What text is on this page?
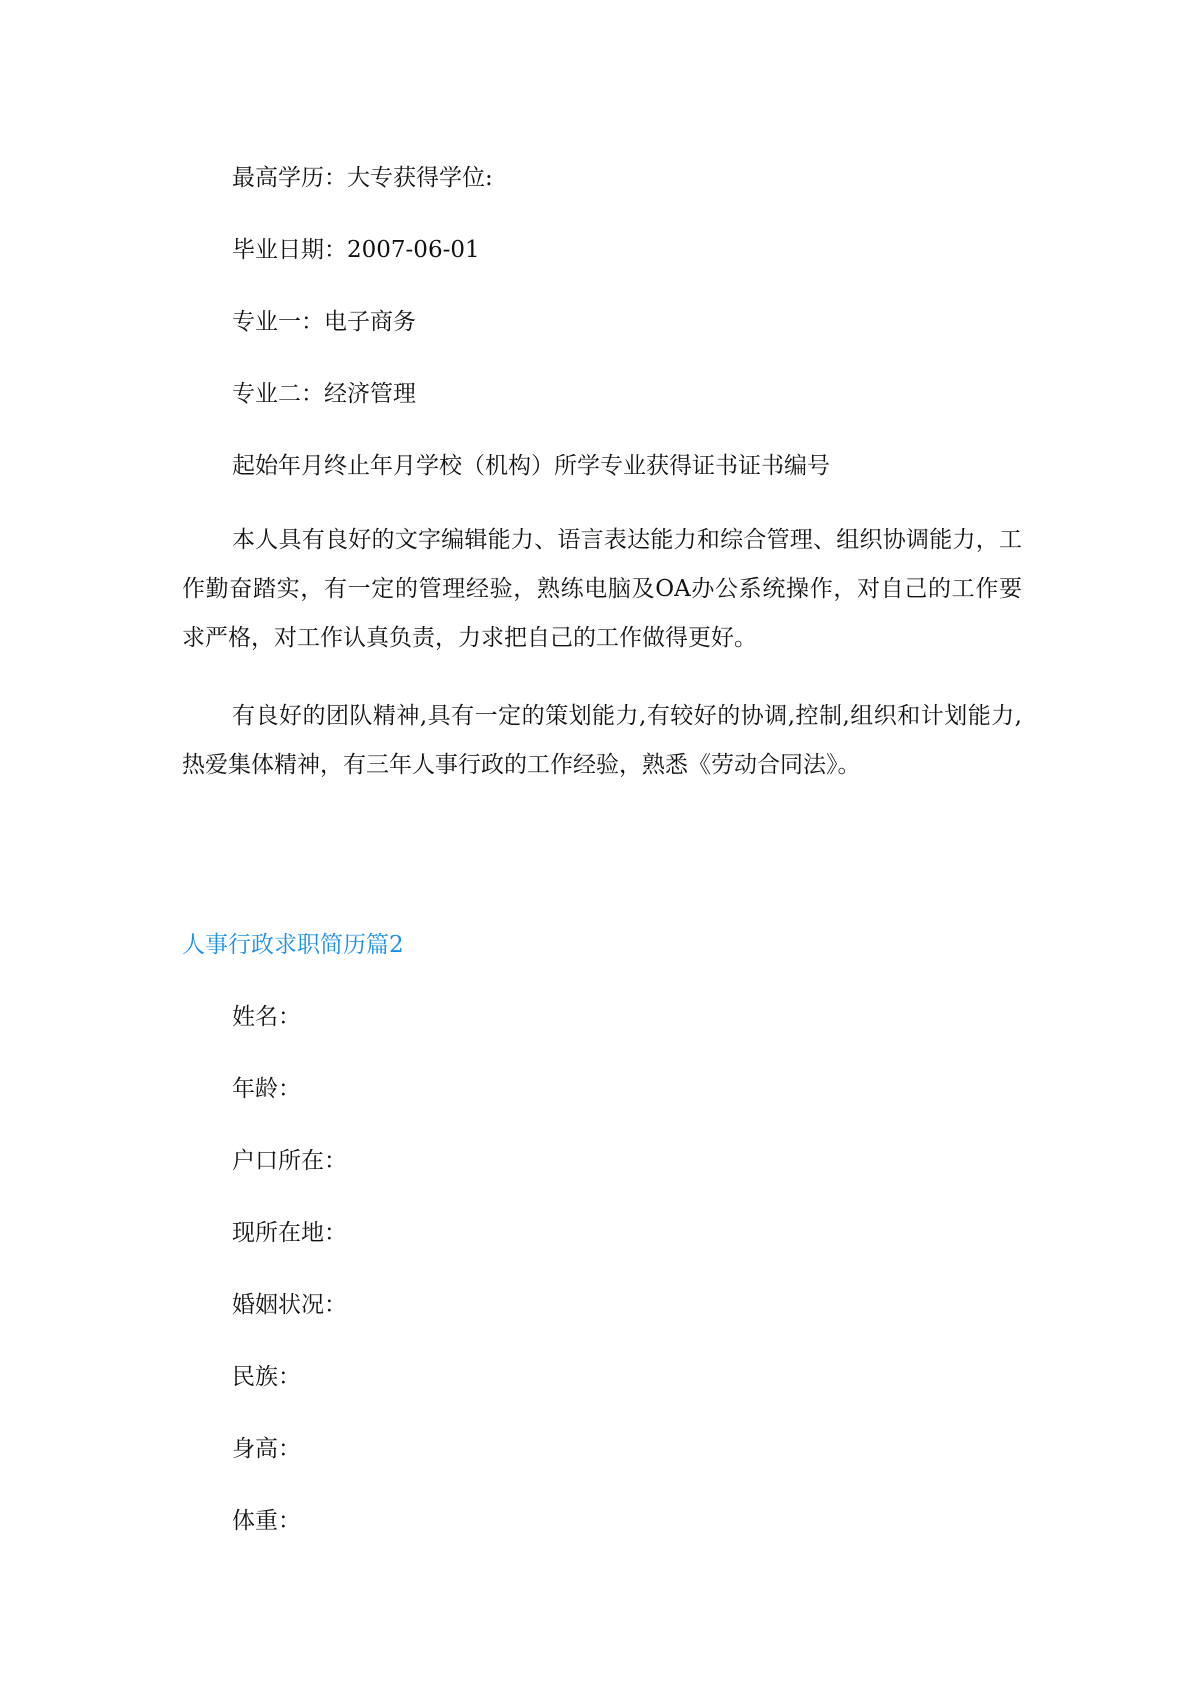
最高学历：大专获得学位:

毕业日期：2007-06-01

专业一：电子商务

专业二：经济管理

起始年月终止年月学校（机构）所学专业获得证书证书编号

本人具有良好的文字编辑能力、语言表达能力和综合管理、组织协调能力，工作勤奋踏实，有一定的管理经验，熟练电脑及OA办公系统操作，对自己的工作要求严格，对工作认真负责，力求把自己的工作做得更好。

有良好的团队精神,具有一定的策划能力,有较好的协调,控制,组织和计划能力,热爱集体精神，有三年人事行政的工作经验，熟悉《劳动合同法》。

人事行政求职简历篇2

姓名：

年龄：

户口所在：

现所在地：

婚姻状况：

民族：

身高：

体重：
